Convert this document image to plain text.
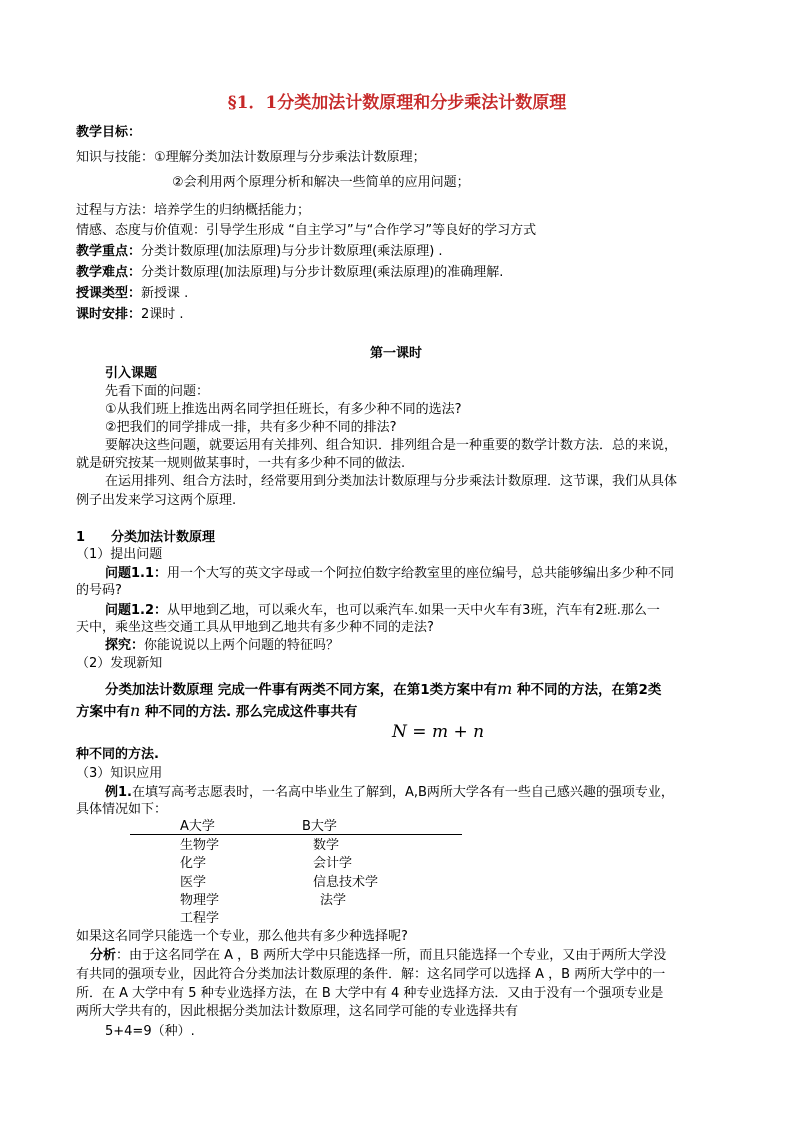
§1．1分类加法计数原理和分步乘法计数原理
教学目标：
知识与技能：①理解分类加法计数原理与分步乘法计数原理；
②会利用两个原理分析和解决一些简单的应用问题；
过程与方法：培养学生的归纳概括能力；
情感、态度与价值观：引导学生形成 “自主学习”与“合作学习”等良好的学习方式
教学重点：分类计数原理(加法原理)与分步计数原理(乘法原理) .
教学难点：分类计数原理(加法原理)与分步计数原理(乘法原理)的准确理解.
授课类型：新授课 .
课时安排：2课时 .
第一课时
引入课题
先看下面的问题：
①从我们班上推选出两名同学担任班长，有多少种不同的选法?
②把我们的同学排成一排，共有多少种不同的排法?
要解决这些问题，就要运用有关排列、组合知识．排列组合是一种重要的数学计数方法．总的来说，
就是研究按某一规则做某事时，一共有多少种不同的做法.
在运用排列、组合方法时，经常要用到分类加法计数原理与分步乘法计数原理．这节课，我们从具体
例子出发来学习这两个原理.
1 分类加法计数原理
（1）提出问题
问题1.1：用一个大写的英文字母或一个阿拉伯数字给教室里的座位编号，总共能够编出多少种不同
的号码?
问题1.2：从甲地到乙地，可以乘火车，也可以乘汽车.如果一天中火车有3班，汽车有2班.那么一
天中，乘坐这些交通工具从甲地到乙地共有多少种不同的走法?
探究：你能说说以上两个问题的特征吗？
（2）发现新知
分类加法计数原理 完成一件事有两类不同方案，在第1类方案中有m 种不同的方法，在第2类
方案中有n 种不同的方法. 那么完成这件事共有
N = m + n
种不同的方法.
（3）知识应用
例1.在填写高考志愿表时，一名高中毕业生了解到，A,B两所大学各有一些自己感兴趣的强项专业，
具体情况如下：
A大学	B大学
生物学
化学
医学
物理学
工程学
数学
会计学
信息技术学
法学
如果这名同学只能选一个专业，那么他共有多少种选择呢?
分析：由于这名同学在 A ，B 两所大学中只能选择一所，而且只能选择一个专业，又由于两所大学没
有共同的强项专业，因此符合分类加法计数原理的条件．解：这名同学可以选择 A ，B 两所大学中的一
所．在 A 大学中有 5 种专业选择方法，在 B 大学中有 4 种专业选择方法．又由于没有一个强项专业是
两所大学共有的，因此根据分类加法计数原理，这名同学可能的专业选择共有
5+4=9（种）.
